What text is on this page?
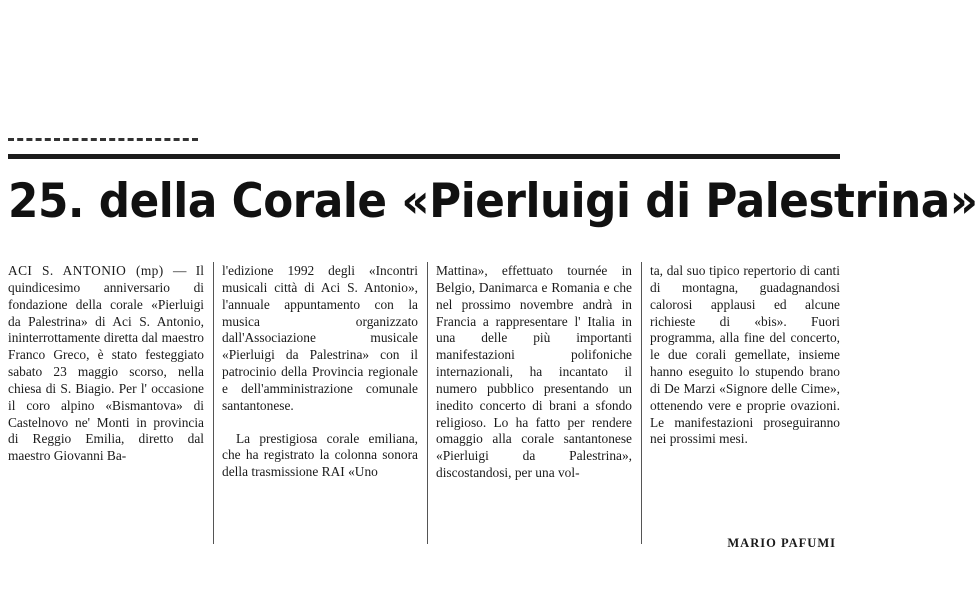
25. della Corale «Pierluigi di Palestrina»

ACI S. ANTONIO (mp) — Il quindicesimo anniversario di fondazione della corale «Pierluigi da Palestrina» di Aci S. Antonio, ininterrottamente diretta dal maestro Franco Greco, è stato festeggiato sabato 23 maggio scorso, nella chiesa di S. Biagio. Per l' occasione il coro alpino «Bismantova» di Castelnovo ne' Monti in provincia di Reggio Emilia, diretto dal maestro Giovanni Ba-

l'edizione 1992 degli «Incontri musicali città di Aci S. Antonio», l'annuale appuntamento con la musica organizzato dall'Associazione musicale «Pierluigi da Palestrina» con il patrocinio della Provincia regionale e dell'amministrazione comunale santantonese.

La prestigiosa corale emiliana, che ha registrato la colonna sonora della trasmissione RAI «Uno

Mattina», effettuato tournée in Belgio, Danimarca e Romania e che nel prossimo novembre andrà in Francia a rappresentare l' Italia in una delle più importanti manifestazioni polifoniche internazionali, ha incantato il numero pubblico presentando un inedito concerto di brani a sfondo religioso. Lo ha fatto per rendere omaggio alla corale santantonese «Pierluigi da Palestrina», discostandosi, per una vol-

ta, dal suo tipico repertorio di canti di montagna, guadagnandosi calorosi applausi ed alcune richieste di «bis». Fuori programma, alla fine del concerto, le due corali gemellate, insieme hanno eseguito lo stupendo brano di De Marzi «Signore delle Cime», ottenendo vere e proprie ovazioni. Le manifestazioni proseguiranno nei prossimi mesi.

MARIO PAFUMI
